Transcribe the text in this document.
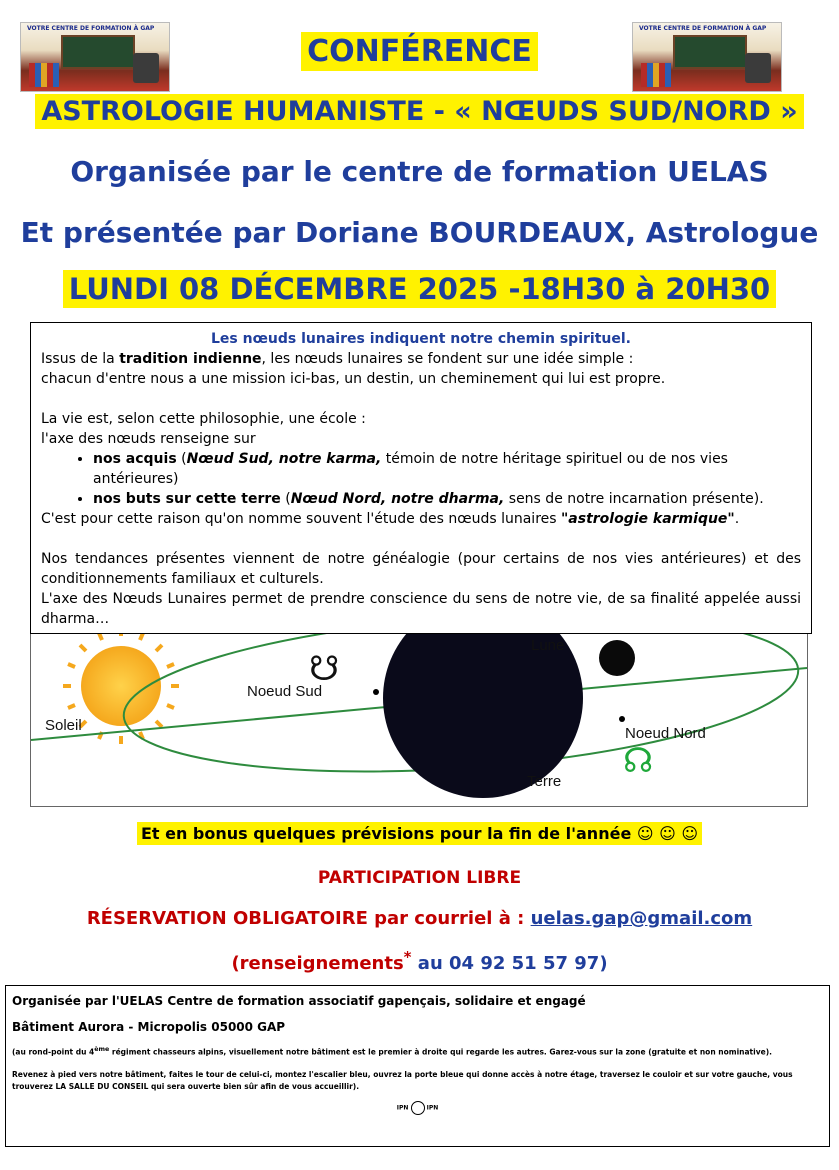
VOTRE CENTRE DE FORMATION À GAP	VOTRE CENTRE DE FORMATION À GAP
CONFÉRENCE
ASTROLOGIE HUMANISTE - « NŒUDS SUD/NORD »
Organisée par le centre de formation UELAS
Et présentée par Doriane BOURDEAUX, Astrologue
LUNDI 08 DÉCEMBRE 2025 -18H30 à 20H30
Soleil
Lune
Noeud Sud
Noeud Nord
Terre
☋
☊

Les nœuds lunaires indiquent notre chemin spirituel.

Issus de la tradition indienne, les nœuds lunaires se fondent sur une idée simple :

chacun d'entre nous a une mission ici-bas, un destin, un cheminement qui lui est propre.

La vie est, selon cette philosophie, une école :

l'axe des nœuds renseigne sur

• nos acquis (Nœud Sud, notre karma, témoin de notre héritage spirituel ou de nos vies antérieures)
• nos buts sur cette terre (Nœud Nord, notre dharma, sens de notre incarnation présente).

C'est pour cette raison qu'on nomme souvent l'étude des nœuds lunaires "astrologie karmique".

Nos tendances présentes viennent de notre généalogie (pour certains de nos vies antérieures) et des conditionnements familiaux et culturels.

L'axe des Nœuds Lunaires permet de prendre conscience du sens de notre vie, de sa finalité appelée aussi dharma…

Et en bonus quelques prévisions pour la fin de l'année ☺ ☺ ☺
PARTICIPATION LIBRE
RÉSERVATION OBLIGATOIRE par courriel à : uelas.gap@gmail.com
(renseignements* au 04 92 51 57 97)
Organisée par l'UELAS Centre de formation associatif gapençais, solidaire et engagé
Bâtiment Aurora - Micropolis 05000 GAP
(au rond-point du 4ème régiment chasseurs alpins, visuellement notre bâtiment est le premier à droite qui regarde les autres. Garez-vous sur la zone (gratuite et non nominative).
Revenez à pied vers notre bâtiment, faites le tour de celui-ci, montez l'escalier bleu, ouvrez la porte bleue qui donne accès à notre étage, traversez le couloir et sur votre gauche, vous trouverez LA SALLE DU CONSEIL qui sera ouverte bien sûr afin de vous accueillir).
IPN	IPN
